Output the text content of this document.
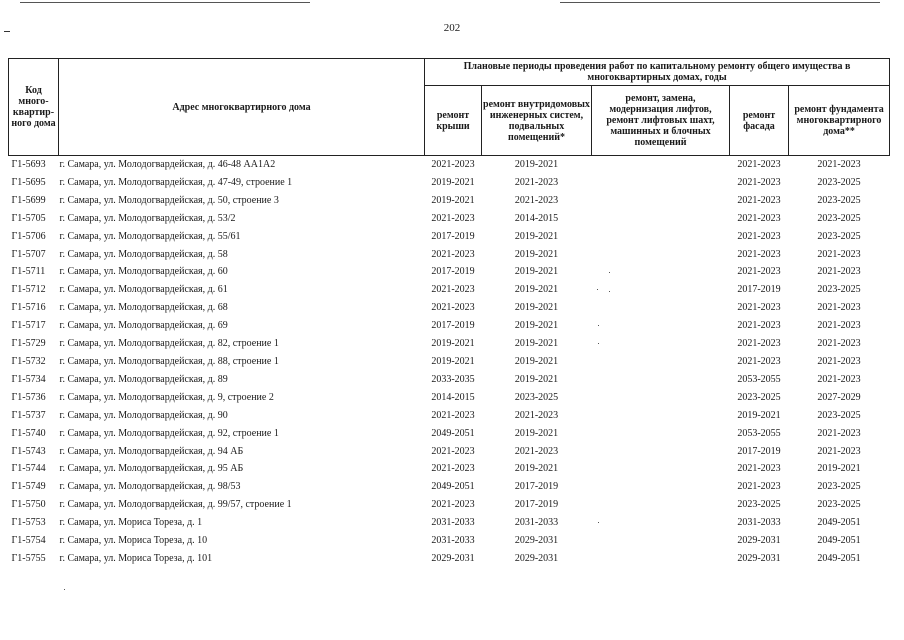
202
Код много-квартир-ного дома	Адрес многоквартирного дома	Плановые периоды проведения работ по капитальному ремонту общего имущества в многоквартирных домах, годы				
		ремонт крыши	ремонт внутридомовых инженерных систем, подвальных помещений*	ремонт, замена, модернизация лифтов, ремонт лифтовых шахт, машинных и блочных помещений	ремонт фасада	ремонт фундамента многоквартирного дома**
Г1-5693	г. Самара, ул. Молодогвардейская, д. 46-48 АА1А2	2021-2023	2019-2021		2021-2023	2021-2023
Г1-5695	г. Самара, ул. Молодогвардейская, д. 47-49, строение 1	2019-2021	2021-2023		2021-2023	2023-2025
Г1-5699	г. Самара, ул. Молодогвардейская, д. 50, строение 3	2019-2021	2021-2023		2021-2023	2023-2025
Г1-5705	г. Самара, ул. Молодогвардейская, д. 53/2	2021-2023	2014-2015		2021-2023	2023-2025
Г1-5706	г. Самара, ул. Молодогвардейская, д. 55/61	2017-2019	2019-2021		2021-2023	2023-2025
Г1-5707	г. Самара, ул. Молодогвардейская, д. 58	2021-2023	2019-2021		2021-2023	2021-2023
Г1-5711	г. Самара, ул. Молодогвардейская, д. 60	2017-2019	2019-2021		2021-2023	2021-2023
Г1-5712	г. Самара, ул. Молодогвардейская, д. 61	2021-2023	2019-2021		2017-2019	2023-2025
Г1-5716	г. Самара, ул. Молодогвардейская, д. 68	2021-2023	2019-2021		2021-2023	2021-2023
Г1-5717	г. Самара, ул. Молодогвардейская, д. 69	2017-2019	2019-2021		2021-2023	2021-2023
Г1-5729	г. Самара, ул. Молодогвардейская, д. 82, строение 1	2019-2021	2019-2021		2021-2023	2021-2023
Г1-5732	г. Самара, ул. Молодогвардейская, д. 88, строение 1	2019-2021	2019-2021		2021-2023	2021-2023
Г1-5734	г. Самара, ул. Молодогвардейская, д. 89	2033-2035	2019-2021		2053-2055	2021-2023
Г1-5736	г. Самара, ул. Молодогвардейская, д. 9, строение 2	2014-2015	2023-2025		2023-2025	2027-2029
Г1-5737	г. Самара, ул. Молодогвардейская, д. 90	2021-2023	2021-2023		2019-2021	2023-2025
Г1-5740	г. Самара, ул. Молодогвардейская, д. 92, строение 1	2049-2051	2019-2021		2053-2055	2021-2023
Г1-5743	г. Самара, ул. Молодогвардейская, д. 94 АБ	2021-2023	2021-2023		2017-2019	2021-2023
Г1-5744	г. Самара, ул. Молодогвардейская, д. 95 АБ	2021-2023	2019-2021		2021-2023	2019-2021
Г1-5749	г. Самара, ул. Молодогвардейская, д. 98/53	2049-2051	2017-2019		2021-2023	2023-2025
Г1-5750	г. Самара, ул. Молодогвардейская, д. 99/57, строение 1	2021-2023	2017-2019		2023-2025	2023-2025
Г1-5753	г. Самара, ул. Мориса Тореза, д. 1	2031-2033	2031-2033		2031-2033	2049-2051
Г1-5754	г. Самара, ул. Мориса Тореза, д. 10	2031-2033	2029-2031		2029-2031	2049-2051
Г1-5755	г. Самара, ул. Мориса Тореза, д. 101	2029-2031	2029-2031		2029-2031	2049-2051
